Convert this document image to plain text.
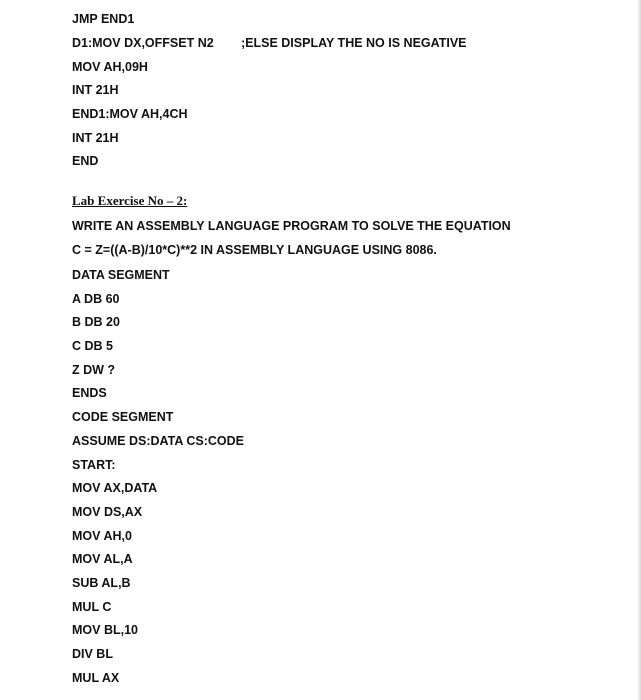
JMP END1
D1:MOV DX,OFFSET N2 ;ELSE DISPLAY THE NO IS NEGATIVE
MOV AH,09H
INT 21H
END1:MOV AH,4CH
INT 21H
END
Lab Exercise No – 2:
WRITE AN ASSEMBLY LANGUAGE PROGRAM TO SOLVE THE EQUATION
C = Z=((A-B)/10*C)**2 IN ASSEMBLY LANGUAGE USING 8086.
DATA SEGMENT
A DB 60
B DB 20
C DB 5
Z DW ?
ENDS
CODE SEGMENT
ASSUME DS:DATA CS:CODE
START:
MOV AX,DATA
MOV DS,AX
MOV AH,0
MOV AL,A
SUB AL,B
MUL C
MOV BL,10
DIV BL
MUL AX
